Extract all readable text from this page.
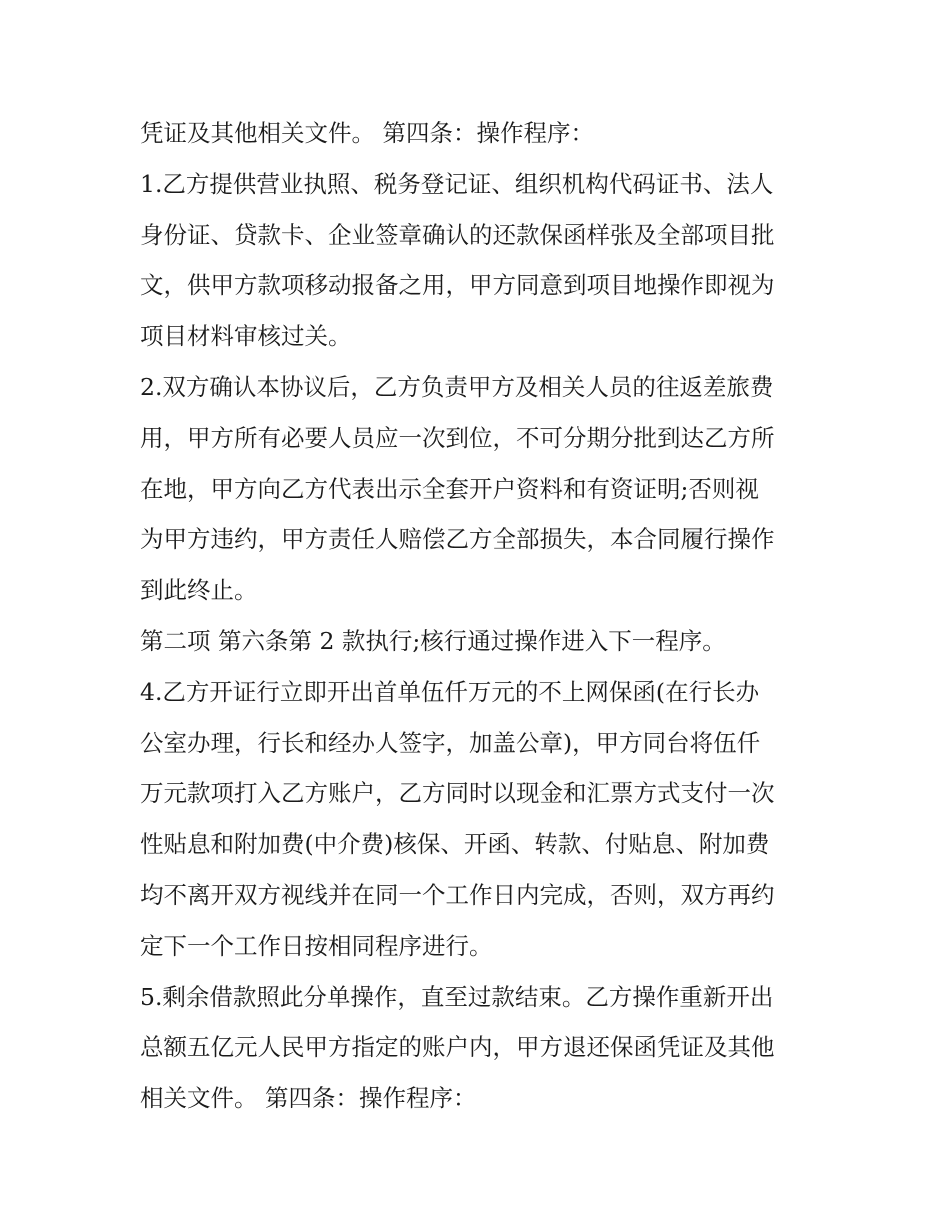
凭证及其他相关文件。 第四条：操作程序：

1.乙方提供营业执照、税务登记证、组织机构代码证书、法人

身份证、贷款卡、企业签章确认的还款保函样张及全部项目批

文，供甲方款项移动报备之用，甲方同意到项目地操作即视为

项目材料审核过关。

2.双方确认本协议后，乙方负责甲方及相关人员的往返差旅费

用，甲方所有必要人员应一次到位，不可分期分批到达乙方所

在地，甲方向乙方代表出示全套开户资料和有资证明;否则视

为甲方违约，甲方责任人赔偿乙方全部损失，本合同履行操作

到此终止。

第二项 第六条第 2 款执行;核行通过操作进入下一程序。

4.乙方开证行立即开出首单伍仟万元的不上网保函(在行长办

公室办理，行长和经办人签字，加盖公章)，甲方同台将伍仟

万元款项打入乙方账户，乙方同时以现金和汇票方式支付一次

性贴息和附加费(中介费)核保、开函、转款、付贴息、附加费

均不离开双方视线并在同一个工作日内完成，否则，双方再约

定下一个工作日按相同程序进行。

5.剩余借款照此分单操作，直至过款结束。乙方操作重新开出

总额五亿元人民甲方指定的账户内，甲方退还保函凭证及其他

相关文件。 第四条：操作程序：
